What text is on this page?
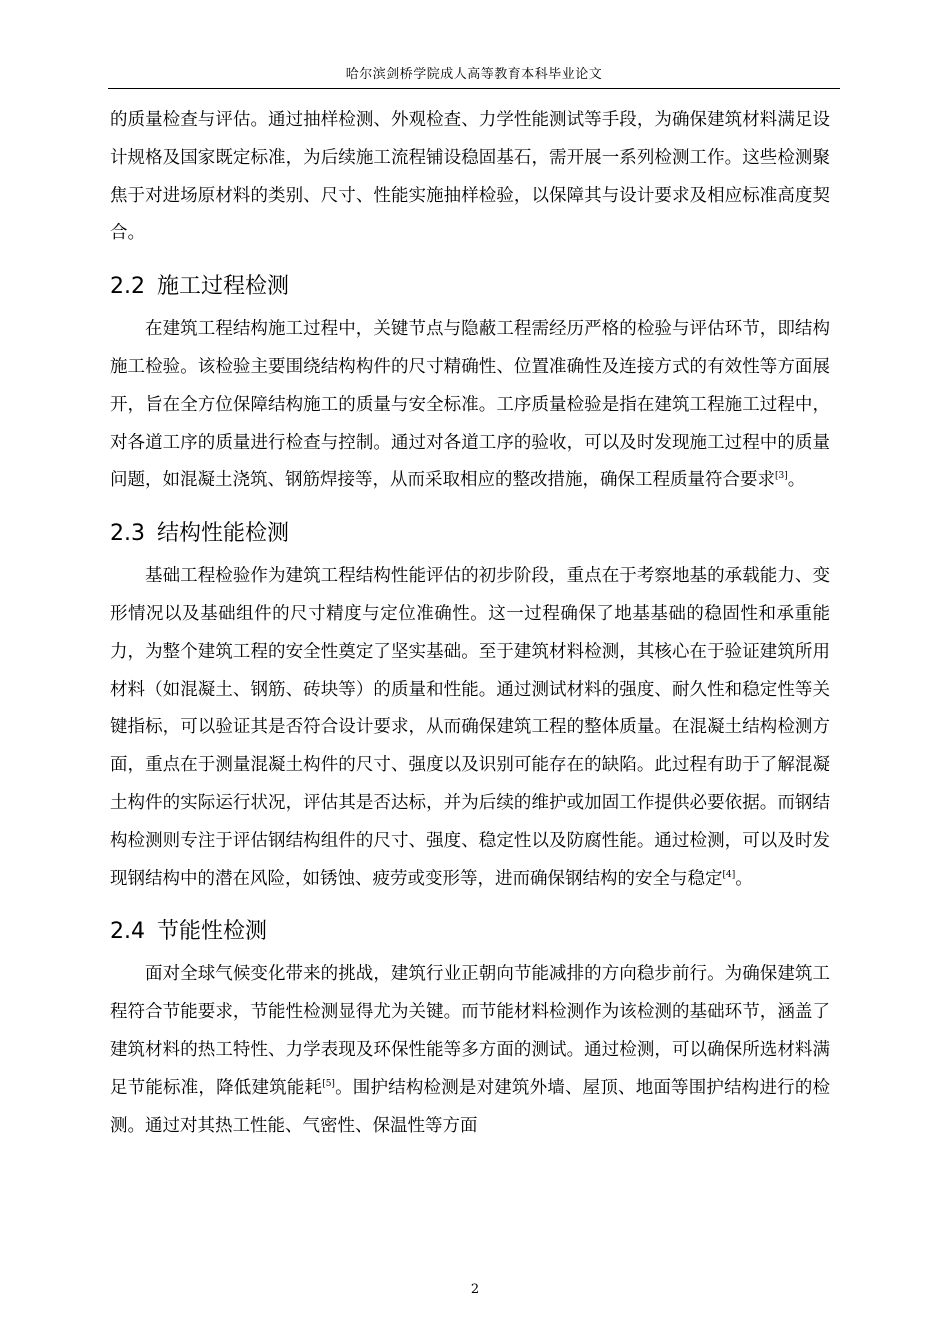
哈尔滨剑桥学院成人高等教育本科毕业论文

的质量检查与评估。通过抽样检测、外观检查、力学性能测试等手段，为确保建筑材料满足设计规格及国家既定标准，为后续施工流程铺设稳固基石，需开展一系列检测工作。这些检测聚焦于对进场原材料的类别、尺寸、性能实施抽样检验，以保障其与设计要求及相应标准高度契合。

2.2 施工过程检测

在建筑工程结构施工过程中，关键节点与隐蔽工程需经历严格的检验与评估环节，即结构施工检验。该检验主要围绕结构构件的尺寸精确性、位置准确性及连接方式的有效性等方面展开，旨在全方位保障结构施工的质量与安全标准。工序质量检验是指在建筑工程施工过程中，对各道工序的质量进行检查与控制。通过对各道工序的验收，可以及时发现施工过程中的质量问题，如混凝土浇筑、钢筋焊接等，从而采取相应的整改措施，确保工程质量符合要求[3]。

2.3 结构性能检测

基础工程检验作为建筑工程结构性能评估的初步阶段，重点在于考察地基的承载能力、变形情况以及基础组件的尺寸精度与定位准确性。这一过程确保了地基基础的稳固性和承重能力，为整个建筑工程的安全性奠定了坚实基础。至于建筑材料检测，其核心在于验证建筑所用材料（如混凝土、钢筋、砖块等）的质量和性能。通过测试材料的强度、耐久性和稳定性等关键指标，可以验证其是否符合设计要求，从而确保建筑工程的整体质量。在混凝土结构检测方面，重点在于测量混凝土构件的尺寸、强度以及识别可能存在的缺陷。此过程有助于了解混凝土构件的实际运行状况，评估其是否达标，并为后续的维护或加固工作提供必要依据。而钢结构检测则专注于评估钢结构组件的尺寸、强度、稳定性以及防腐性能。通过检测，可以及时发现钢结构中的潜在风险，如锈蚀、疲劳或变形等，进而确保钢结构的安全与稳定[4]。

2.4 节能性检测

面对全球气候变化带来的挑战，建筑行业正朝向节能减排的方向稳步前行。为确保建筑工程符合节能要求，节能性检测显得尤为关键。而节能材料检测作为该检测的基础环节，涵盖了建筑材料的热工特性、力学表现及环保性能等多方面的测试。通过检测，可以确保所选材料满足节能标准，降低建筑能耗[5]。围护结构检测是对建筑外墙、屋顶、地面等围护结构进行的检测。通过对其热工性能、气密性、保温性等方面

2
